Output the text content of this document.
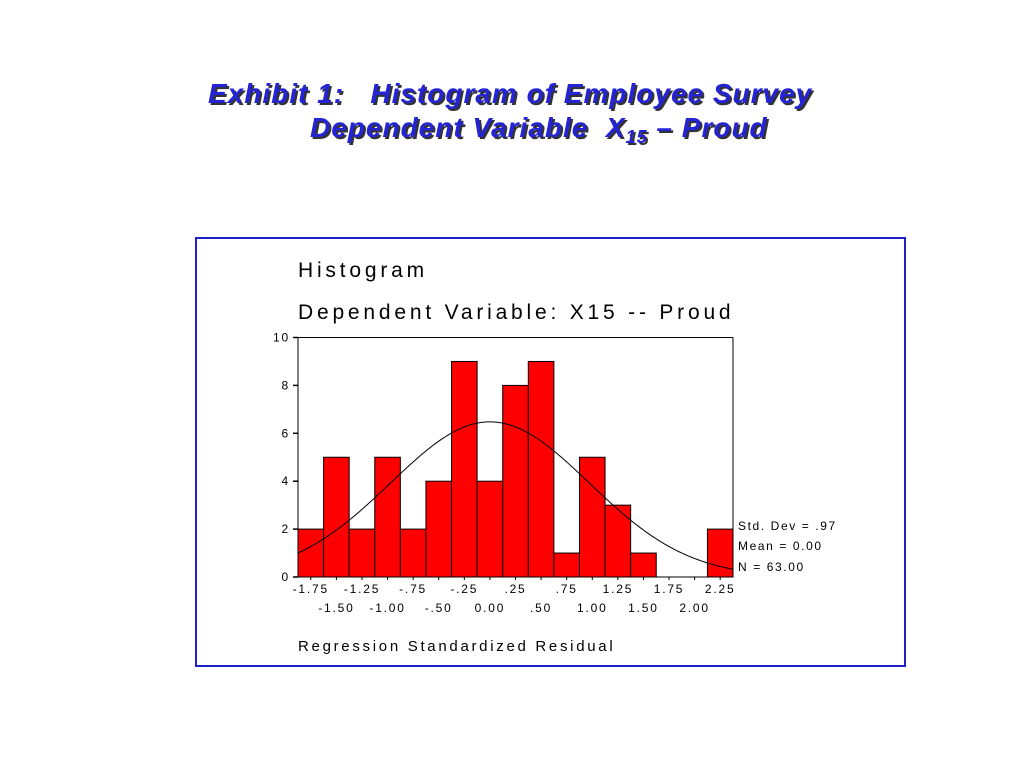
Exhibit 1:   Histogram of Employee Survey
Dependent Variable  $X_{15}$ – Proud
Histogram
Dependent Variable: X15 -- Proud
0
2
4
6
8
10
-1.75
-1.50
-1.25
-1.00
-.75
-.50
-.25
0.00
.25
.50
.75
1.00
1.25
1.50
1.75
2.00
2.25
Std. Dev = .97
Mean = 0.00
N = 63.00
Regression Standardized Residual
